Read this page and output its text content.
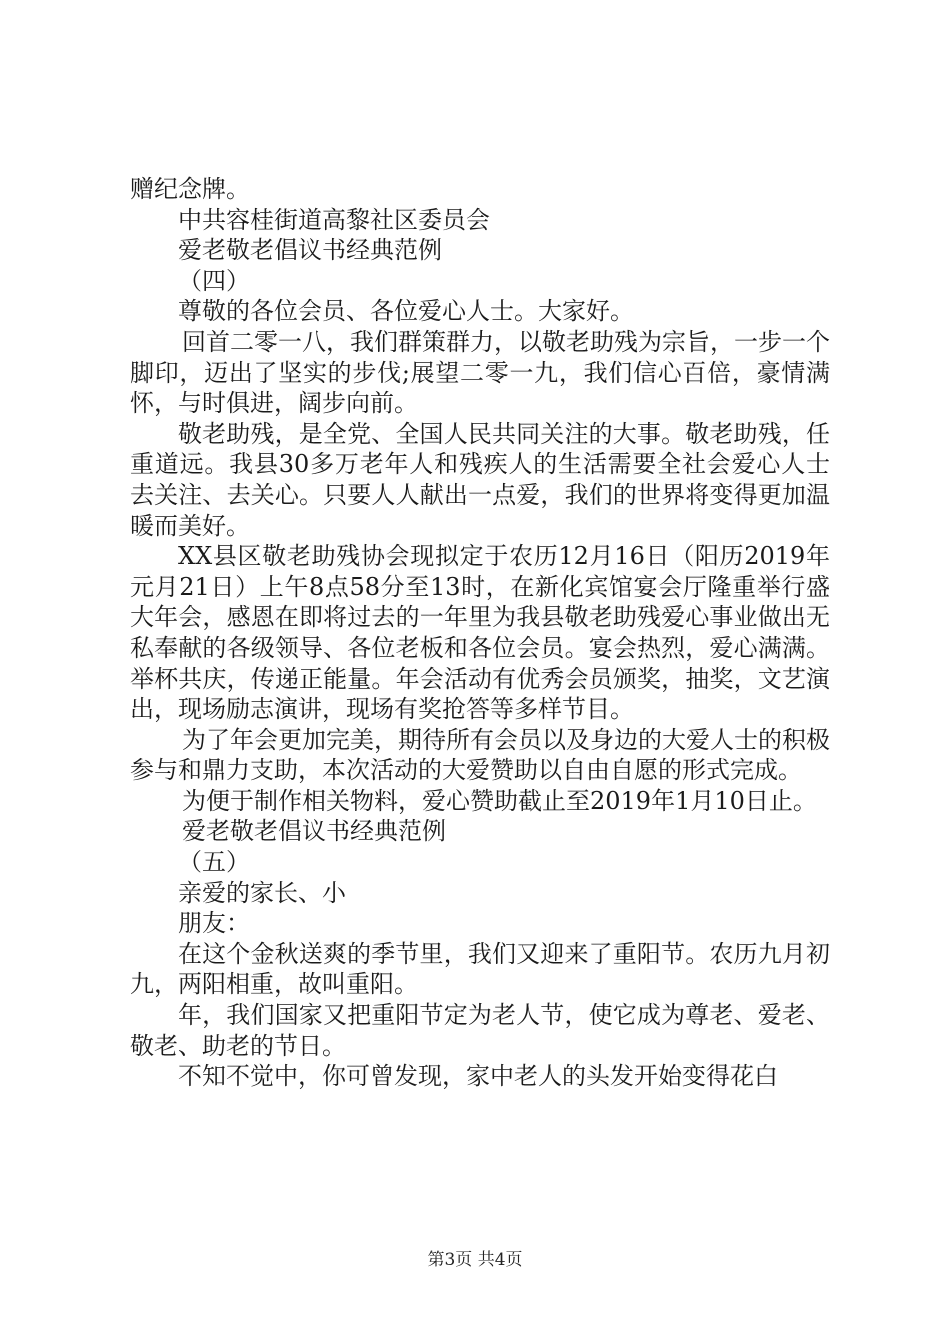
赠纪念牌。

中共容桂街道高黎社区委员会

爱老敬老倡议书经典范例

（四）

尊敬的各位会员、各位爱心人士。大家好。

回首二零一八，我们群策群力，以敬老助残为宗旨，一步一个脚印，迈出了坚实的步伐;展望二零一九，我们信心百倍，豪情满怀，与时俱进，阔步向前。

敬老助残，是全党、全国人民共同关注的大事。敬老助残，任重道远。我县30多万老年人和残疾人的生活需要全社会爱心人士去关注、去关心。只要人人献出一点爱，我们的世界将变得更加温暖而美好。

XX县区敬老助残协会现拟定于农历12月16日（阳历2019年元月21日）上午8点58分至13时，在新化宾馆宴会厅隆重举行盛大年会，感恩在即将过去的一年里为我县敬老助残爱心事业做出无私奉献的各级领导、各位老板和各位会员。宴会热烈，爱心满满。举杯共庆，传递正能量。年会活动有优秀会员颁奖，抽奖，文艺演出，现场励志演讲，现场有奖抢答等多样节目。

为了年会更加完美，期待所有会员以及身边的大爱人士的积极参与和鼎力支助，本次活动的大爱赞助以自由自愿的形式完成。

为便于制作相关物料，爱心赞助截止至2019年1月10日止。

爱老敬老倡议书经典范例

（五）

亲爱的家长、小

朋友：

在这个金秋送爽的季节里，我们又迎来了重阳节。农历九月初九，两阳相重，故叫重阳。

年，我们国家又把重阳节定为老人节，使它成为尊老、爱老、敬老、助老的节日。

不知不觉中，你可曾发现，家中老人的头发开始变得花白

第3页 共4页
